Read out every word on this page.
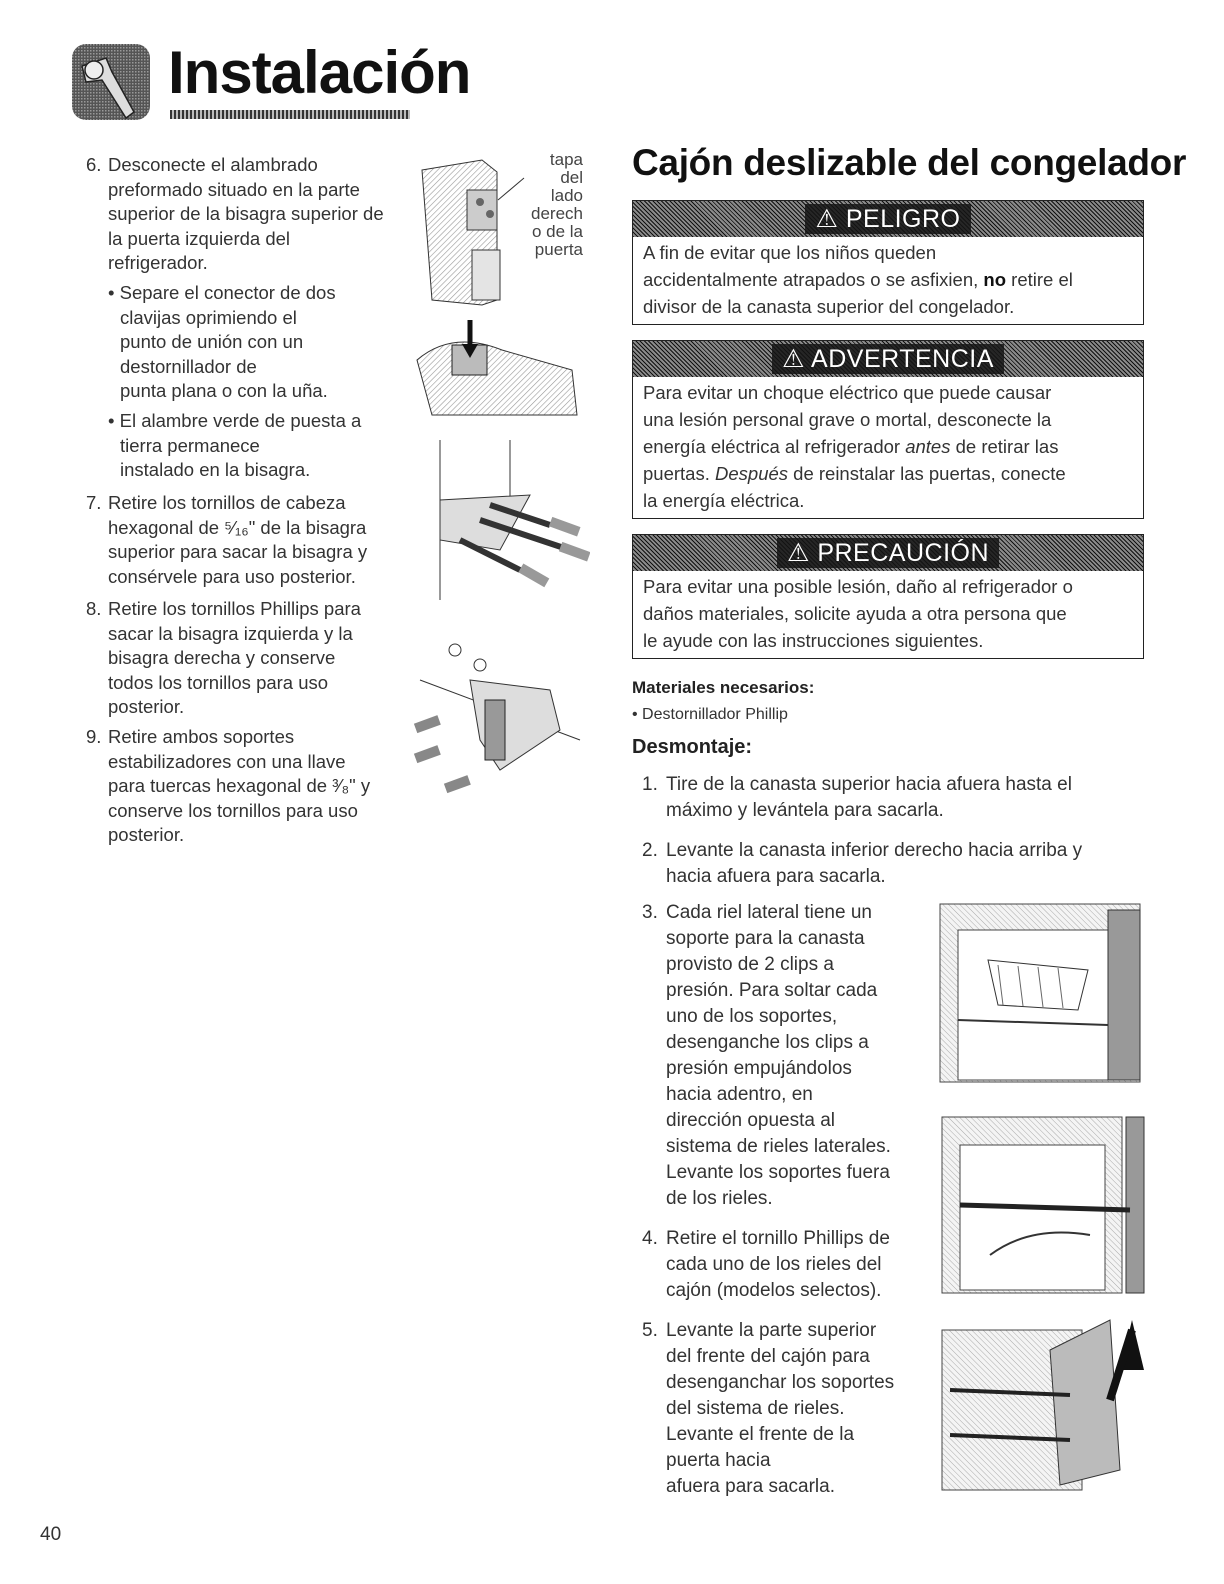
Instalación
6. Desconecte el alambrado
preformado situado en la parte
superior de la bisagra superior de
la puerta izquierda del
refrigerador.
• Separe el conector de dos
clavijas oprimiendo el
punto de unión con un
destornillador de
punta plana o con la uña.
• El alambre verde de puesta a
tierra permanece
instalado en la bisagra.
7. Retire los tornillos de cabeza
hexagonal de ⁵⁄₁₆" de la bisagra
superior para sacar la bisagra y
consérvele para uso posterior.
8. Retire los tornillos Phillips para
sacar la bisagra izquierda y la
bisagra derecha y conserve
todos los tornillos para uso
posterior.
9. Retire ambos soportes
estabilizadores con una llave
para tuercas hexagonal de ³⁄₈" y
conserve los tornillos para uso
posterior.
tapa
del
lado
derech
o de la
puerta
Cajón deslizable del congelador
⚠ PELIGRO
A fin de evitar que los niños queden
accidentalmente atrapados o se asfixien, no retire el
divisor de la canasta superior del congelador.
⚠ ADVERTENCIA
Para evitar un choque eléctrico que puede causar
una lesión personal grave o mortal, desconecte la
energía eléctrica al refrigerador antes de retirar las
puertas. Después de reinstalar las puertas, conecte
la energía eléctrica.
⚠ PRECAUCIÓN
Para evitar una posible lesión, daño al refrigerador o
daños materiales, solicite ayuda a otra persona que
le ayude con las instrucciones siguientes.
Materiales necesarios:
• Destornillador Phillip
Desmontaje:
1. Tire de la canasta superior hacia afuera hasta el
máximo y levántela para sacarla.
2. Levante la canasta inferior derecho hacia arriba y
hacia afuera para sacarla.
3. Cada riel lateral tiene un
soporte para la canasta
provisto de 2 clips a
presión. Para soltar cada
uno de los soportes,
desenganche los clips a
presión empujándolos
hacia adentro, en
dirección opuesta al
sistema de rieles laterales.
Levante los soportes fuera
de los rieles.
4. Retire el tornillo Phillips de
cada uno de los rieles del
cajón (modelos selectos).
5. Levante la parte superior
del frente del cajón para
desenganchar los soportes
del sistema de rieles.
Levante el frente de la
puerta hacia
afuera para sacarla.
40
